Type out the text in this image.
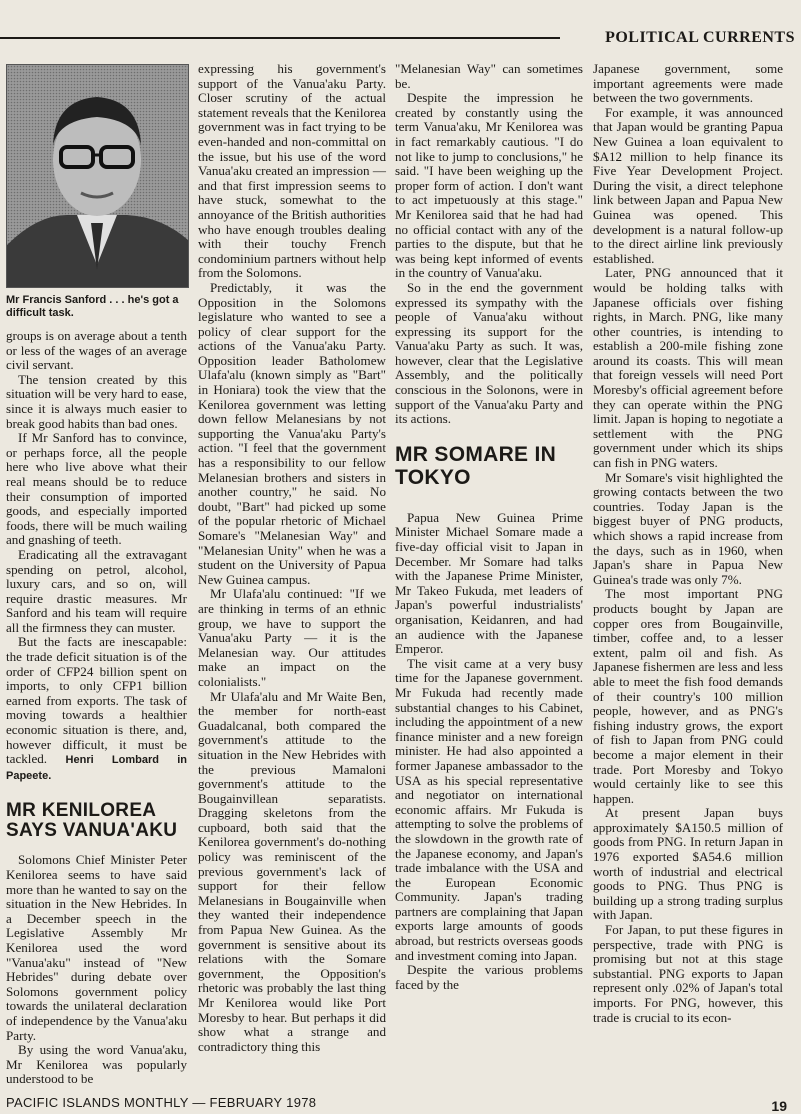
POLITICAL CURRENTS
Mr Francis Sanford . . . he's got a difficult task.

groups is on average about a tenth or less of the wages of an average civil servant.

The tension created by this situation will be very hard to ease, since it is always much easier to break good habits than bad ones.

If Mr Sanford has to convince, or perhaps force, all the people here who live above what their real means should be to reduce their consumption of imported goods, and especially imported foods, there will be much wailing and gnashing of teeth.

Eradicating all the extravagant spending on petrol, alcohol, luxury cars, and so on, will require drastic measures. Mr Sanford and his team will require all the firmness they can muster.

But the facts are inescapable: the trade deficit situation is of the order of CFP24 billion spent on imports, to only CFP1 billion earned from exports. The task of moving towards a healthier economic situation is there, and, however difficult, it must be tackled. Henri Lombard in Papeete.

MR KENILOREA SAYS VANUA'AKU

Solomons Chief Minister Peter Kenilorea seems to have said more than he wanted to say on the situation in the New Hebrides. In a December speech in the Legislative Assembly Mr Kenilorea used the word "Vanua'aku" instead of "New Hebrides" during debate over Solomons government policy towards the unilateral declaration of independence by the Vanua'aku Party.

By using the word Vanua'aku, Mr Kenilorea was popularly understood to be

expressing his government's support of the Vanua'aku Party. Closer scrutiny of the actual statement reveals that the Kenilorea government was in fact trying to be even-handed and non-committal on the issue, but his use of the word Vanua'aku created an impression — and that first impression seems to have stuck, somewhat to the annoyance of the British authorities who have enough troubles dealing with their touchy French condominium partners without help from the Solomons.

Predictably, it was the Opposition in the Solomons legislature who wanted to see a policy of clear support for the actions of the Vanua'aku Party. Opposition leader Batholomew Ulafa'alu (known simply as "Bart" in Honiara) took the view that the Kenilorea government was letting down fellow Melanesians by not supporting the Vanua'aku Party's action. "I feel that the government has a responsibility to our fellow Melanesian brothers and sisters in another country," he said. No doubt, "Bart" had picked up some of the popular rhetoric of Michael Somare's "Melanesian Way" and "Melanesian Unity" when he was a student on the University of Papua New Guinea campus.

Mr Ulafa'alu continued: "If we are thinking in terms of an ethnic group, we have to support the Vanua'aku Party — it is the Melanesian way. Our attitudes make an impact on the colonialists."

Mr Ulafa'alu and Mr Waite Ben, the member for north-east Guadalcanal, both compared the government's attitude to the situation in the New Hebrides with the previous Mamaloni government's attitude to the Bougainvillean separatists. Dragging skeletons from the cupboard, both said that the Kenilorea government's do-nothing policy was reminiscent of the previous government's lack of support for their fellow Melanesians in Bougainville when they wanted their independence from Papua New Guinea. As the government is sensitive about its relations with the Somare government, the Opposition's rhetoric was probably the last thing Mr Kenilorea would like Port Moresby to hear. But perhaps it did show what a strange and contradictory thing this

"Melanesian Way" can sometimes be.

Despite the impression he created by constantly using the term Vanua'aku, Mr Kenilorea was in fact remarkably cautious. "I do not like to jump to conclusions," he said. "I have been weighing up the proper form of action. I don't want to act impetuously at this stage." Mr Kenilorea said that he had had no official contact with any of the parties to the dispute, but that he was being kept informed of events in the country of Vanua'aku.

So in the end the government expressed its sympathy with the people of Vanua'aku without expressing its support for the Vanua'aku Party as such. It was, however, clear that the Legislative Assembly, and the politically conscious in the Solonons, were in support of the Vanua'aku Party and its actions.

MR SOMARE IN TOKYO

Papua New Guinea Prime Minister Michael Somare made a five-day official visit to Japan in December. Mr Somare had talks with the Japanese Prime Minister, Mr Takeo Fukuda, met leaders of Japan's powerful industrialists' organisation, Keidanren, and had an audience with the Japanese Emperor.

The visit came at a very busy time for the Japanese government. Mr Fukuda had recently made substantial changes to his Cabinet, including the appointment of a new finance minister and a new foreign minister. He had also appointed a former Japanese ambassador to the USA as his special representative and negotiator on international economic affairs. Mr Fukuda is attempting to solve the problems of the slowdown in the growth rate of the Japanese economy, and Japan's trade imbalance with the USA and the European Economic Community. Japan's trading partners are complaining that Japan exports large amounts of goods abroad, but restricts overseas goods and investment coming into Japan.

Despite the various problems faced by the

Japanese government, some important agreements were made between the two governments.

For example, it was announced that Japan would be granting Papua New Guinea a loan equivalent to $A12 million to help finance its Five Year Development Project. During the visit, a direct telephone link between Japan and Papua New Guinea was opened. This development is a natural follow-up to the direct airline link previously established.

Later, PNG announced that it would be holding talks with Japanese officials over fishing rights, in March. PNG, like many other countries, is intending to establish a 200-mile fishing zone around its coasts. This will mean that foreign vessels will need Port Moresby's official agreement before they can operate within the PNG limit. Japan is hoping to negotiate a settlement with the PNG government under which its ships can fish in PNG waters.

Mr Somare's visit highlighted the growing contacts between the two countries. Today Japan is the biggest buyer of PNG products, which shows a rapid increase from the days, such as in 1960, when Japan's share in Papua New Guinea's trade was only 7%.

The most important PNG products bought by Japan are copper ores from Bougainville, timber, coffee and, to a lesser extent, palm oil and fish. As Japanese fishermen are less and less able to meet the fish food demands of their country's 100 million people, however, and as PNG's fishing industry grows, the export of fish to Japan from PNG could become a major element in their trade. Port Moresby and Tokyo would certainly like to see this happen.

At present Japan buys approximately $A150.5 million of goods from PNG. In return Japan in 1976 exported $A54.6 million worth of industrial and electrical goods to PNG. Thus PNG is building up a strong trading surplus with Japan.

For Japan, to put these figures in perspective, trade with PNG is promising but not at this stage substantial. PNG exports to Japan represent only .02% of Japan's total imports. For PNG, however, this trade is crucial to its econ-

PACIFIC ISLANDS MONTHLY — FEBRUARY 1978	19
